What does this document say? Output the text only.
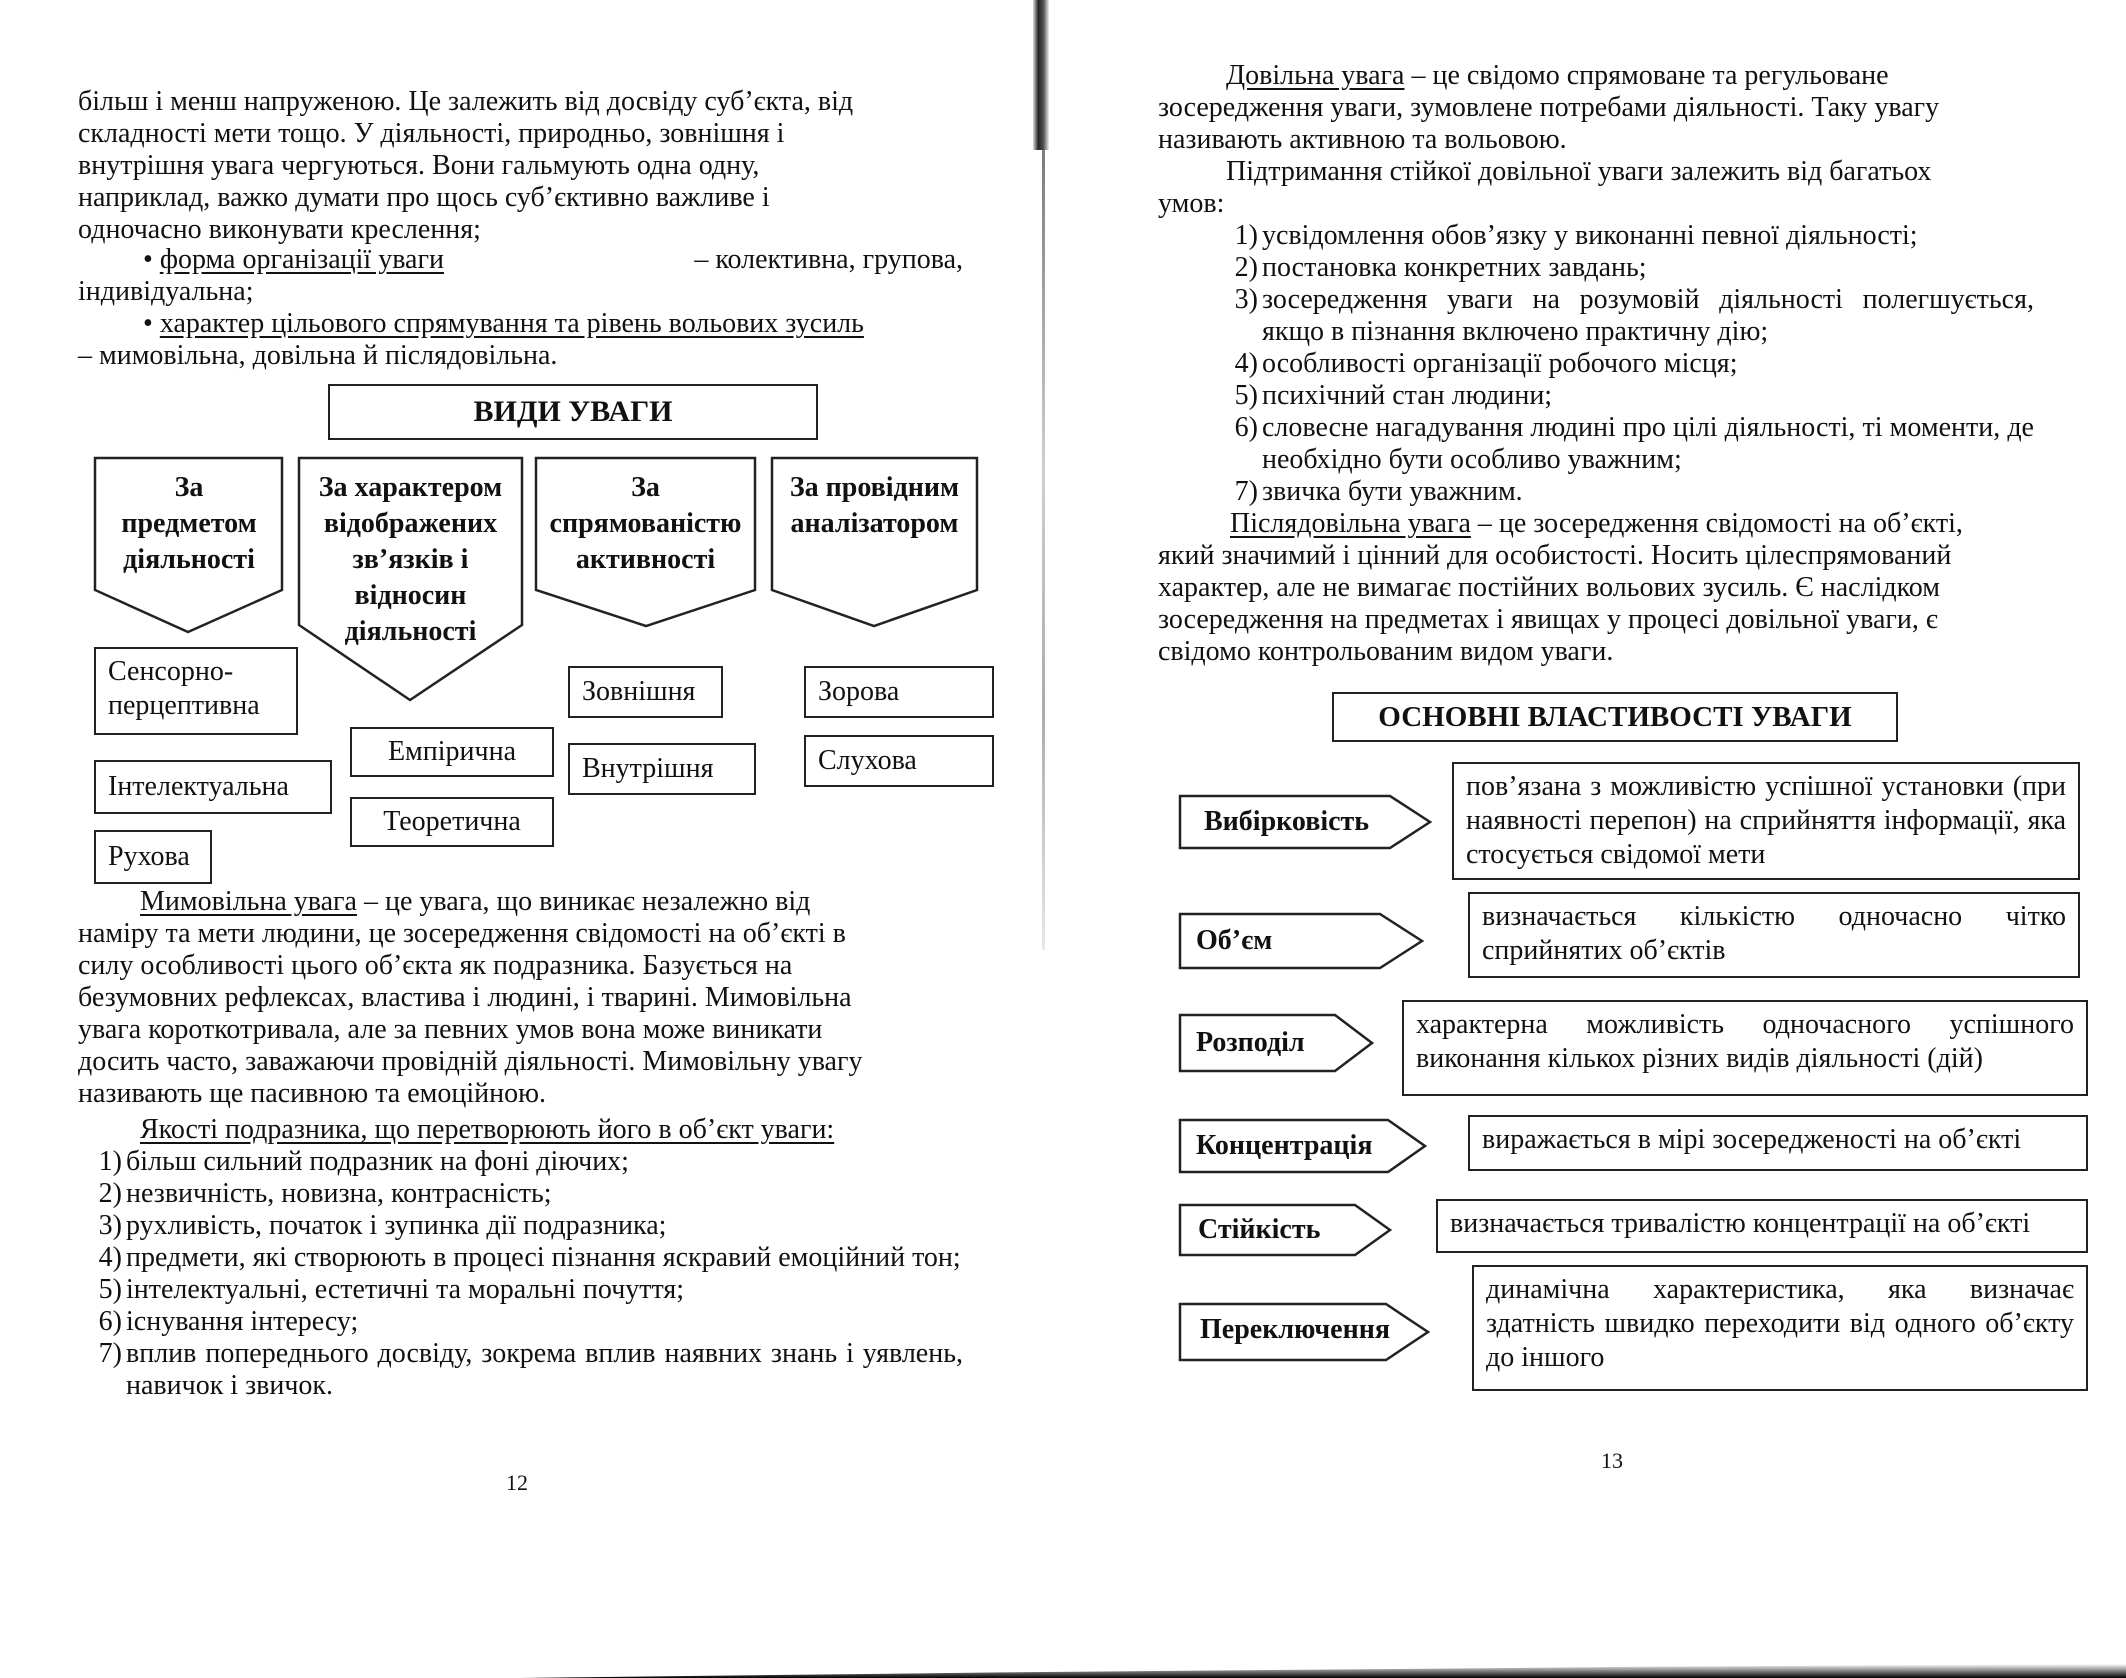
більш і менш напруженою. Це залежить від досвіду суб’єкта, від
складності мети тощо. У діяльності, природньо, зовнішня і
внутрішня увага чергуються. Вони гальмують одна одну,
наприклад, важко думати про щось суб’єктивно важливе і
одночасно виконувати креслення;
• форма організації уваги	– колективна, групова,
індивідуальна;
• характер цільового спрямування та рівень вольових зусиль
– мимовільна, довільна й післядовільна.
ВИДИ УВАГИ
За предметом діяльності
За характером відображених зв’язків і відносин діяльності
За спрямованістю активності
За провідним аналізатором
Сенсорно-перцептивна
Інтелектуальна
Рухова
Емпірична
Теоретична
Зовнішня
Внутрішня
Зорова
Слухова
Мимовільна увага – це увага, що виникає незалежно від
наміру та мети людини, це зосередження свідомості на об’єкті в
силу особливості цього об’єкта як подразника. Базується на
безумовних рефлексах, властива і людині, і тварині. Мимовільна
увага короткотривала, але за певних умов вона може виникати
досить часто, заважаючи провідній діяльності. Мимовільну увагу
називають ще пасивною та емоційною.
Якості подразника, що перетворюють його в об’єкт уваги:
1) більш сильний подразник на фоні діючих;
2) незвичність, новизна, контрасність;
3) рухливість, початок і зупинка дії подразника;
4) предмети, які створюють в процесі пізнання яскравий емоційний тон;
5) інтелектуальні, естетичні та моральні почуття;
6) існування інтересу;
7) вплив попереднього досвіду, зокрема вплив наявних знань і уявлень, навичок і звичок.
12
Довільна увага – це свідомо спрямоване та регульоване
зосередження уваги, зумовлене потребами діяльності. Таку увагу
називають активною та вольовою.
Підтримання стійкої довільної уваги залежить від багатьох
умов:
1) усвідомлення обов’язку у виконанні певної діяльності;
2) постановка конкретних завдань;
3) зосередження уваги на розумовій діяльності полегшується, якщо в пізнання включено практичну дію;
4) особливості організації робочого місця;
5) психічний стан людини;
6) словесне нагадування людині про цілі діяльності, ті моменти, де необхідно бути особливо уважним;
7) звичка бути уважним.
Післядовільна увага – це зосередження свідомості на об’єкті,
який значимий і цінний для особистості. Носить цілеспрямований
характер, але не вимагає постійних вольових зусиль. Є наслідком
зосередження на предметах і явищах у процесі довільної уваги, є
свідомо контрольованим видом уваги.
ОСНОВНІ ВЛАСТИВОСТІ УВАГИ
Вибірковість
Об’єм
Розподіл
Концентрація
Стійкість
Переключення
пов’язана з можливістю успішної установки (при наявності перепон) на сприйняття інформації, яка стосується свідомої мети
визначається кількістю одночасно чітко сприйнятих об’єктів
характерна можливість одночасного успішного виконання кількох різних видів діяльності (дій)
виражається в мірі зосередженості на об’єкті
визначається тривалістю концентрації на об’єкті
динамічна характеристика, яка визначає здатність швидко переходити від одного об’єкту до іншого
13
